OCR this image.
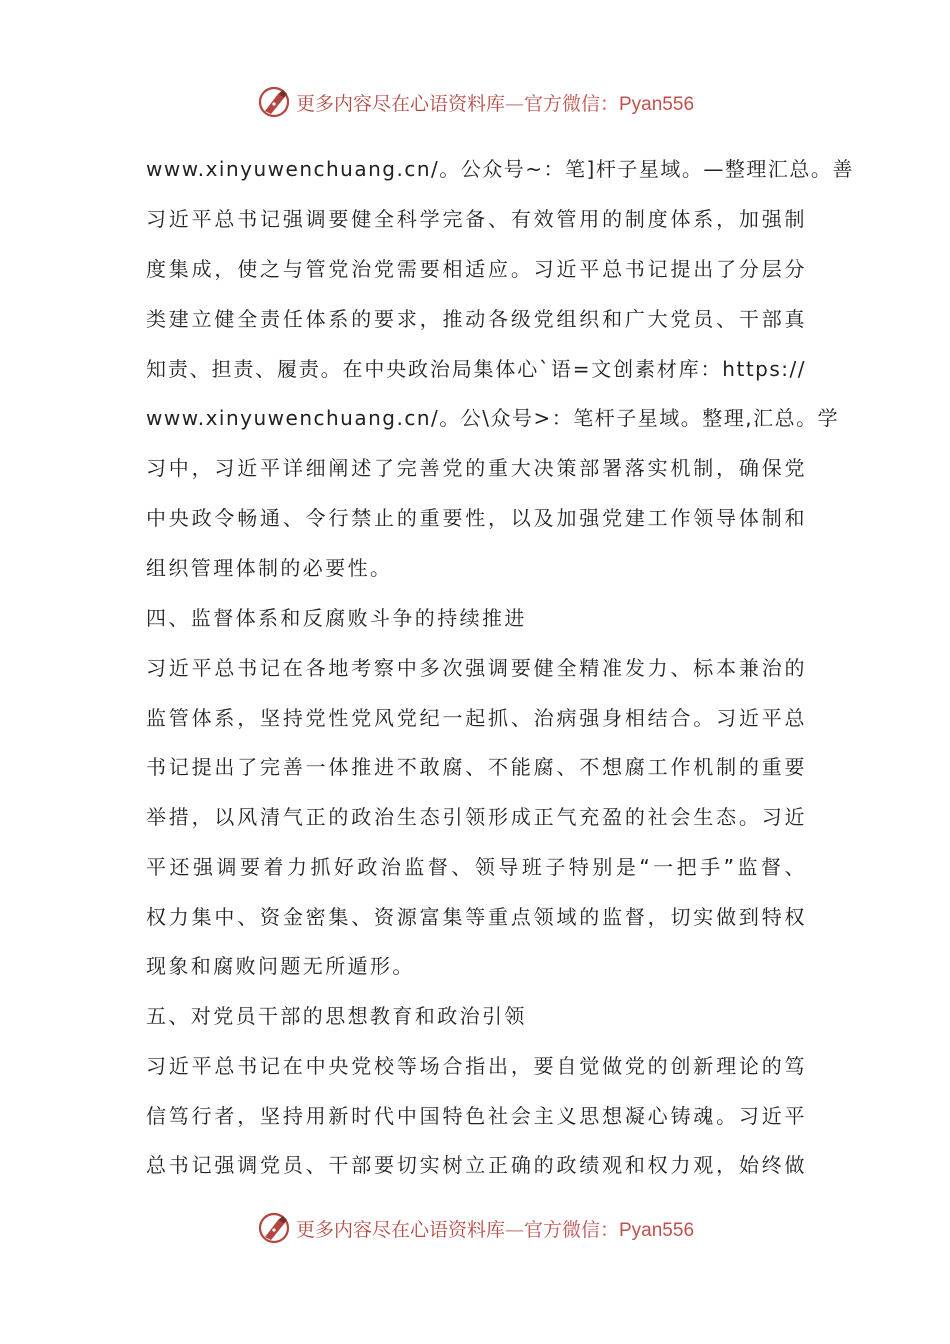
更多内容尽在心语资料库—官方微信：Pyan556
www.xinyuwenchuang.cn/。公众号~：笔]杆子星域。—整理汇总。善
习近平总书记强调要健全科学完备、有效管用的制度体系，加强制
度集成，使之与管党治党需要相适应。习近平总书记提出了分层分
类建立健全责任体系的要求，推动各级党组织和广大党员、干部真
知责、担责、履责。在中央政治局集体心`语=文创素材库：https://
www.xinyuwenchuang.cn/。公\众号>：笔杆子星域。整理,汇总。学
习中，习近平详细阐述了完善党的重大决策部署落实机制，确保党
中央政令畅通、令行禁止的重要性，以及加强党建工作领导体制和
组织管理体制的必要性。
四、监督体系和反腐败斗争的持续推进
习近平总书记在各地考察中多次强调要健全精准发力、标本兼治的
监管体系，坚持党性党风党纪一起抓、治病强身相结合。习近平总
书记提出了完善一体推进不敢腐、不能腐、不想腐工作机制的重要
举措，以风清气正的政治生态引领形成正气充盈的社会生态。习近
平还强调要着力抓好政治监督、领导班子特别是“一把手”监督、
权力集中、资金密集、资源富集等重点领域的监督，切实做到特权
现象和腐败问题无所遁形。
五、对党员干部的思想教育和政治引领
习近平总书记在中央党校等场合指出，要自觉做党的创新理论的笃
信笃行者，坚持用新时代中国特色社会主义思想凝心铸魂。习近平
总书记强调党员、干部要切实树立正确的政绩观和权力观，始终做
更多内容尽在心语资料库—官方微信：Pyan556
